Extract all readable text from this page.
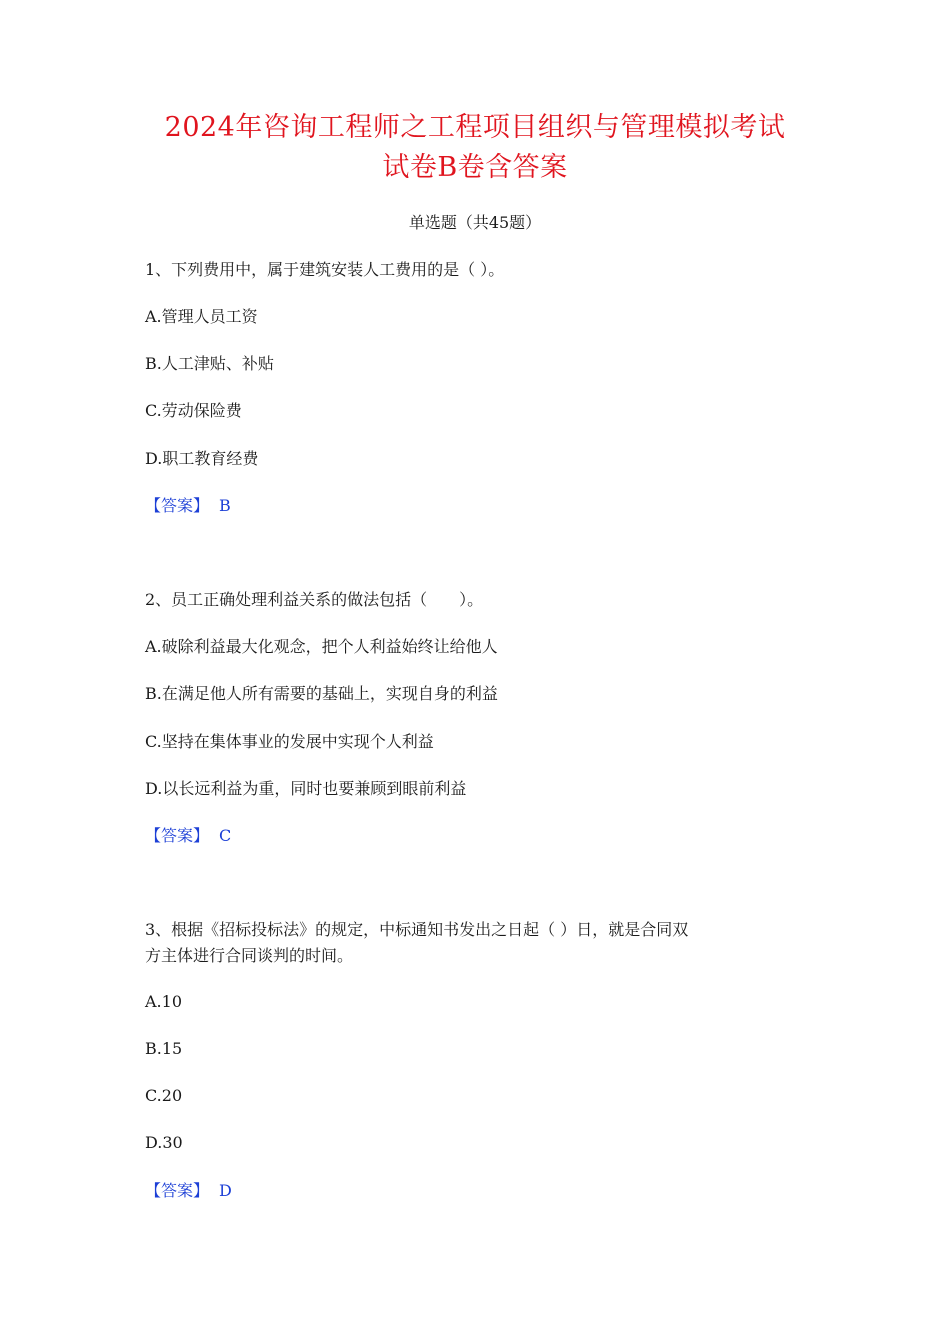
2024年咨询工程师之工程项目组织与管理模拟考试
试卷B卷含答案
单选题（共45题）
1、下列费用中，属于建筑安装人工费用的是（ ）。
A.管理人员工资
B.人工津贴、补贴
C.劳动保险费
D.职工教育经费
【答案】 B
2、员工正确处理利益关系的做法包括（　　）。
A.破除利益最大化观念，把个人利益始终让给他人
B.在满足他人所有需要的基础上，实现自身的利益
C.坚持在集体事业的发展中实现个人利益
D.以长远利益为重，同时也要兼顾到眼前利益
【答案】 C
3、根据《招标投标法》的规定，中标通知书发出之日起（ ）日，就是合同双
方主体进行合同谈判的时间。
A.10
B.15
C.20
D.30
【答案】 D
